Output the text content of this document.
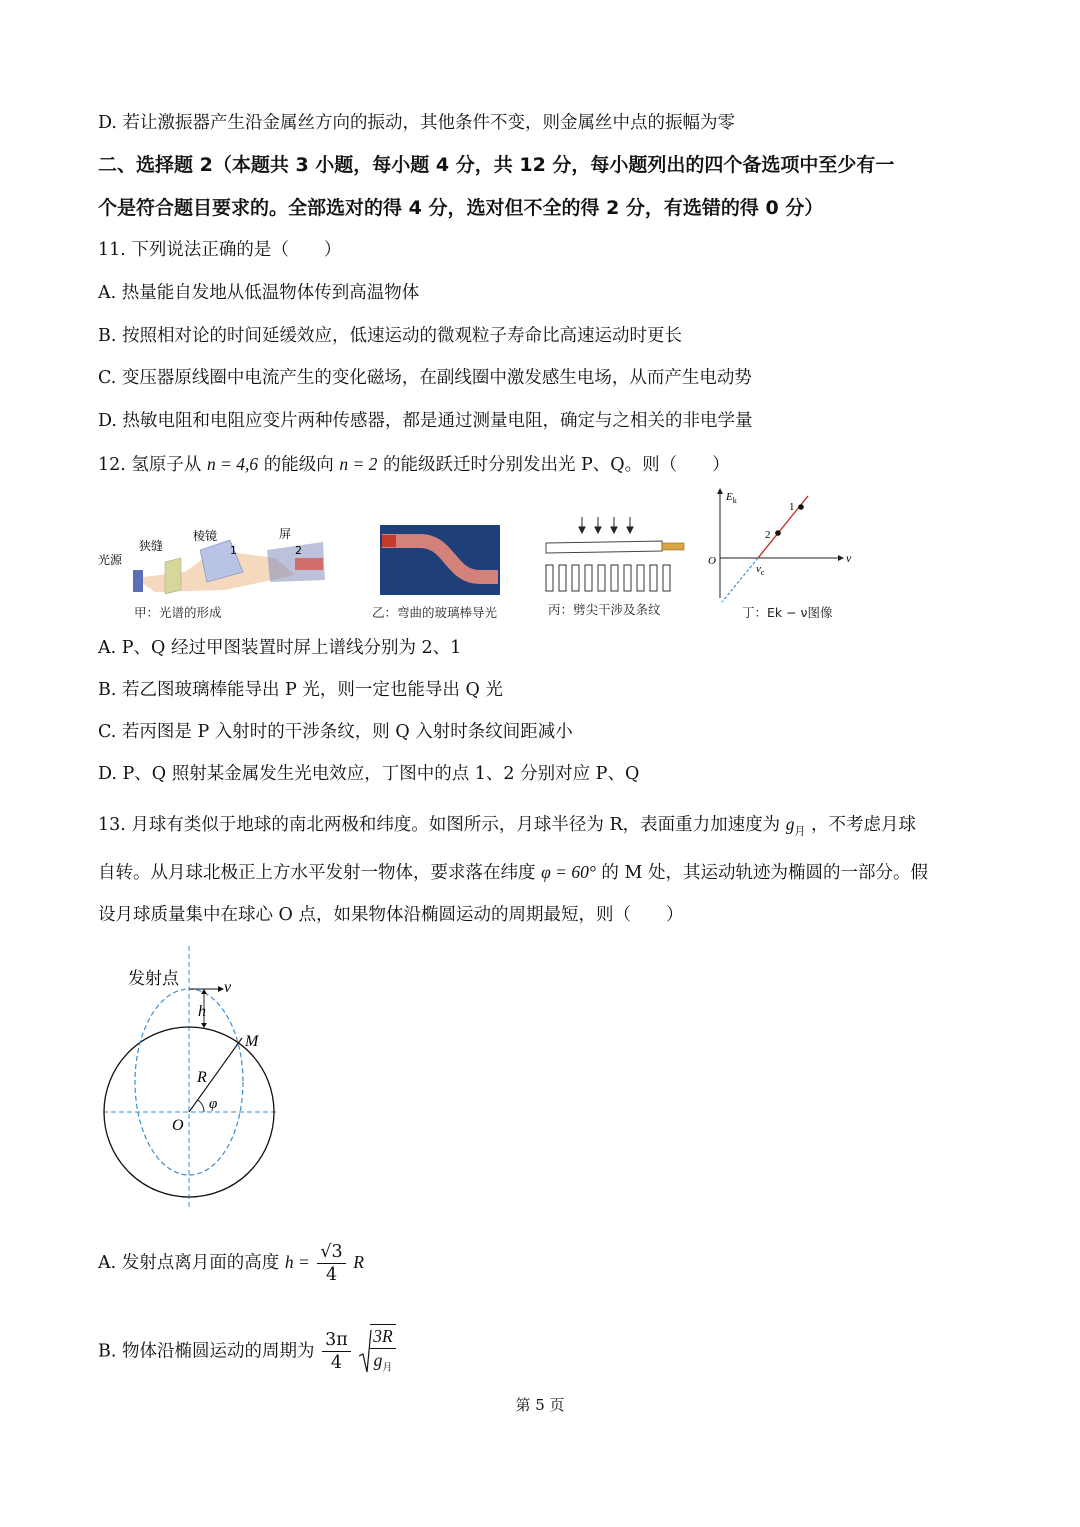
D. 若让激振器产生沿金属丝方向的振动，其他条件不变，则金属丝中点的振幅为零
二、选择题 2（本题共 3 小题，每小题 4 分，共 12 分，每小题列出的四个备选项中至少有一
个是符合题目要求的。全部选对的得 4 分，选对但不全的得 2 分，有选错的得 0 分）
11. 下列说法正确的是（　　）
A. 热量能自发地从低温物体传到高温物体
B. 按照相对论的时间延缓效应，低速运动的微观粒子寿命比高速运动时更长
C. 变压器原线圈中电流产生的变化磁场，在副线圈中激发感生电场，从而产生电动势
D. 热敏电阻和电阻应变片两种传感器，都是通过测量电阻，确定与之相关的非电学量
12. 氢原子从 n = 4,6 的能级向 n = 2 的能级跃迁时分别发出光 P、Q。则（　　）
光源
狭缝
棱镜	屏
1	2
甲：光谱的形成	乙：弯曲的玻璃棒导光	丙：劈尖干涉及条纹
$E_k$
ν
O
$\nu_c$
1
2
丁：Ek − ν图像
A. P、Q 经过甲图装置时屏上谱线分别为 2、1
B. 若乙图玻璃棒能导出 P 光，则一定也能导出 Q 光
C. 若丙图是 P 入射时的干涉条纹，则 Q 入射时条纹间距减小
D. P、Q 照射某金属发生光电效应，丁图中的点 1、2 分别对应 P、Q
13. 月球有类似于地球的南北两极和纬度。如图所示，月球半径为 R，表面重力加速度为 $g_月$ ，不考虑月球
自转。从月球北极正上方水平发射一物体，要求落在纬度 φ = 60° 的 M 处，其运动轨迹为椭圆的一部分。假
设月球质量集中在球心 O 点，如果物体沿椭圆运动的周期最短，则（　　）
发射点	v
h
M
R
φ
O
A. 发射点离月面的高度 $h = \frac{√3}{4}$ R
B. 物体沿椭圆运动的周期为 $\frac{3\pi}{4}$
$\frac{3R}{g_月}$
第 5 页
